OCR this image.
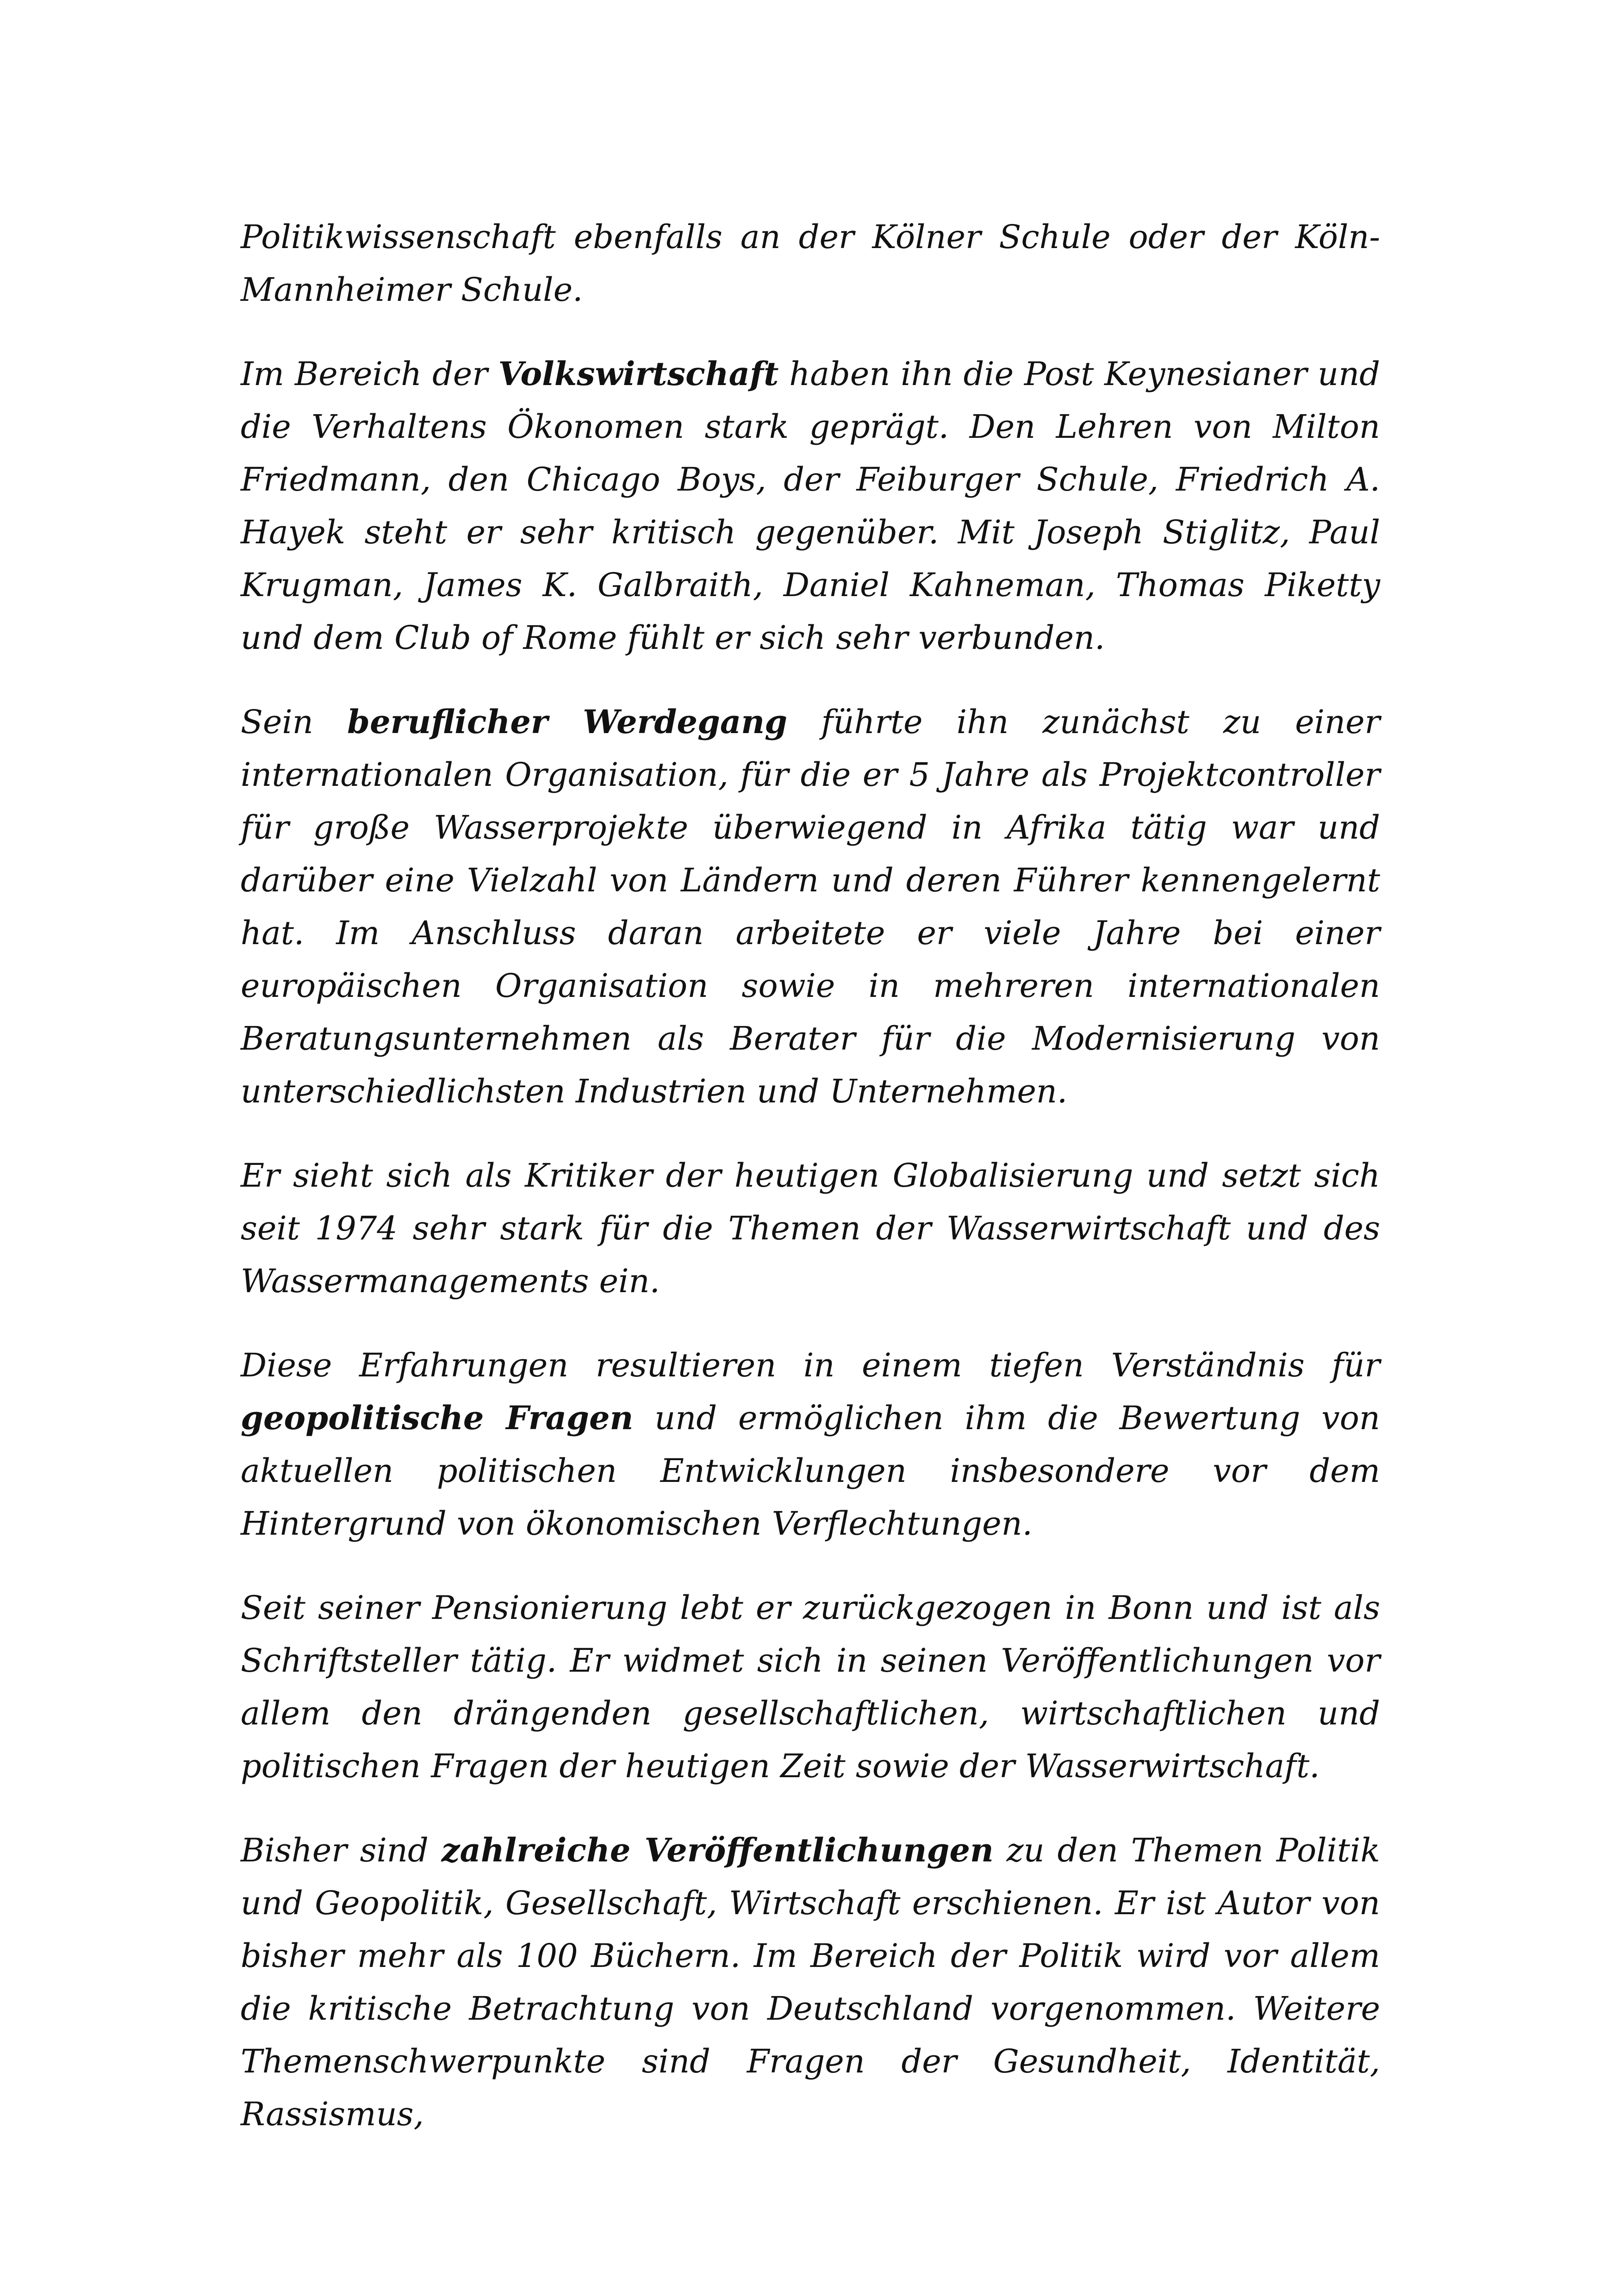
Politikwissenschaft ebenfalls an der Kölner Schule oder der Köln-Mannheimer Schule.

Im Bereich der Volkswirtschaft haben ihn die Post Keynesianer und die Verhaltens Ökonomen stark geprägt. Den Lehren von Milton Friedmann, den Chicago Boys, der Feiburger Schule, Friedrich A. Hayek steht er sehr kritisch gegenüber. Mit Joseph Stiglitz, Paul Krugman, James K. Galbraith, Daniel Kahneman, Thomas Piketty und dem Club of Rome fühlt er sich sehr verbunden.

Sein beruflicher Werdegang führte ihn zunächst zu einer internationalen Organisation, für die er 5 Jahre als Projektcontroller für große Wasserprojekte überwiegend in Afrika tätig war und darüber eine Vielzahl von Ländern und deren Führer kennengelernt hat. Im Anschluss daran arbeitete er viele Jahre bei einer europäischen Organisation sowie in mehreren internationalen Beratungsunternehmen als Berater für die Modernisierung von unterschiedlichsten Industrien und Unternehmen.

Er sieht sich als Kritiker der heutigen Globalisierung und setzt sich seit 1974 sehr stark für die Themen der Wasserwirtschaft und des Wassermanagements ein.

Diese Erfahrungen resultieren in einem tiefen Verständnis für geopolitische Fragen und ermöglichen ihm die Bewertung von aktuellen politischen Entwicklungen insbesondere vor dem Hintergrund von ökonomischen Verflechtungen.

Seit seiner Pensionierung lebt er zurückgezogen in Bonn und ist als Schriftsteller tätig. Er widmet sich in seinen Veröffentlichungen vor allem den drängenden gesellschaftlichen, wirtschaftlichen und politischen Fragen der heutigen Zeit sowie der Wasserwirtschaft.

Bisher sind zahlreiche Veröffentlichungen zu den Themen Politik und Geopolitik, Gesellschaft, Wirtschaft erschienen. Er ist Autor von bisher mehr als 100 Büchern. Im Bereich der Politik wird vor allem die kritische Betrachtung von Deutschland vorgenommen. Weitere Themenschwerpunkte sind Fragen der Gesundheit, Identität, Rassismus,
